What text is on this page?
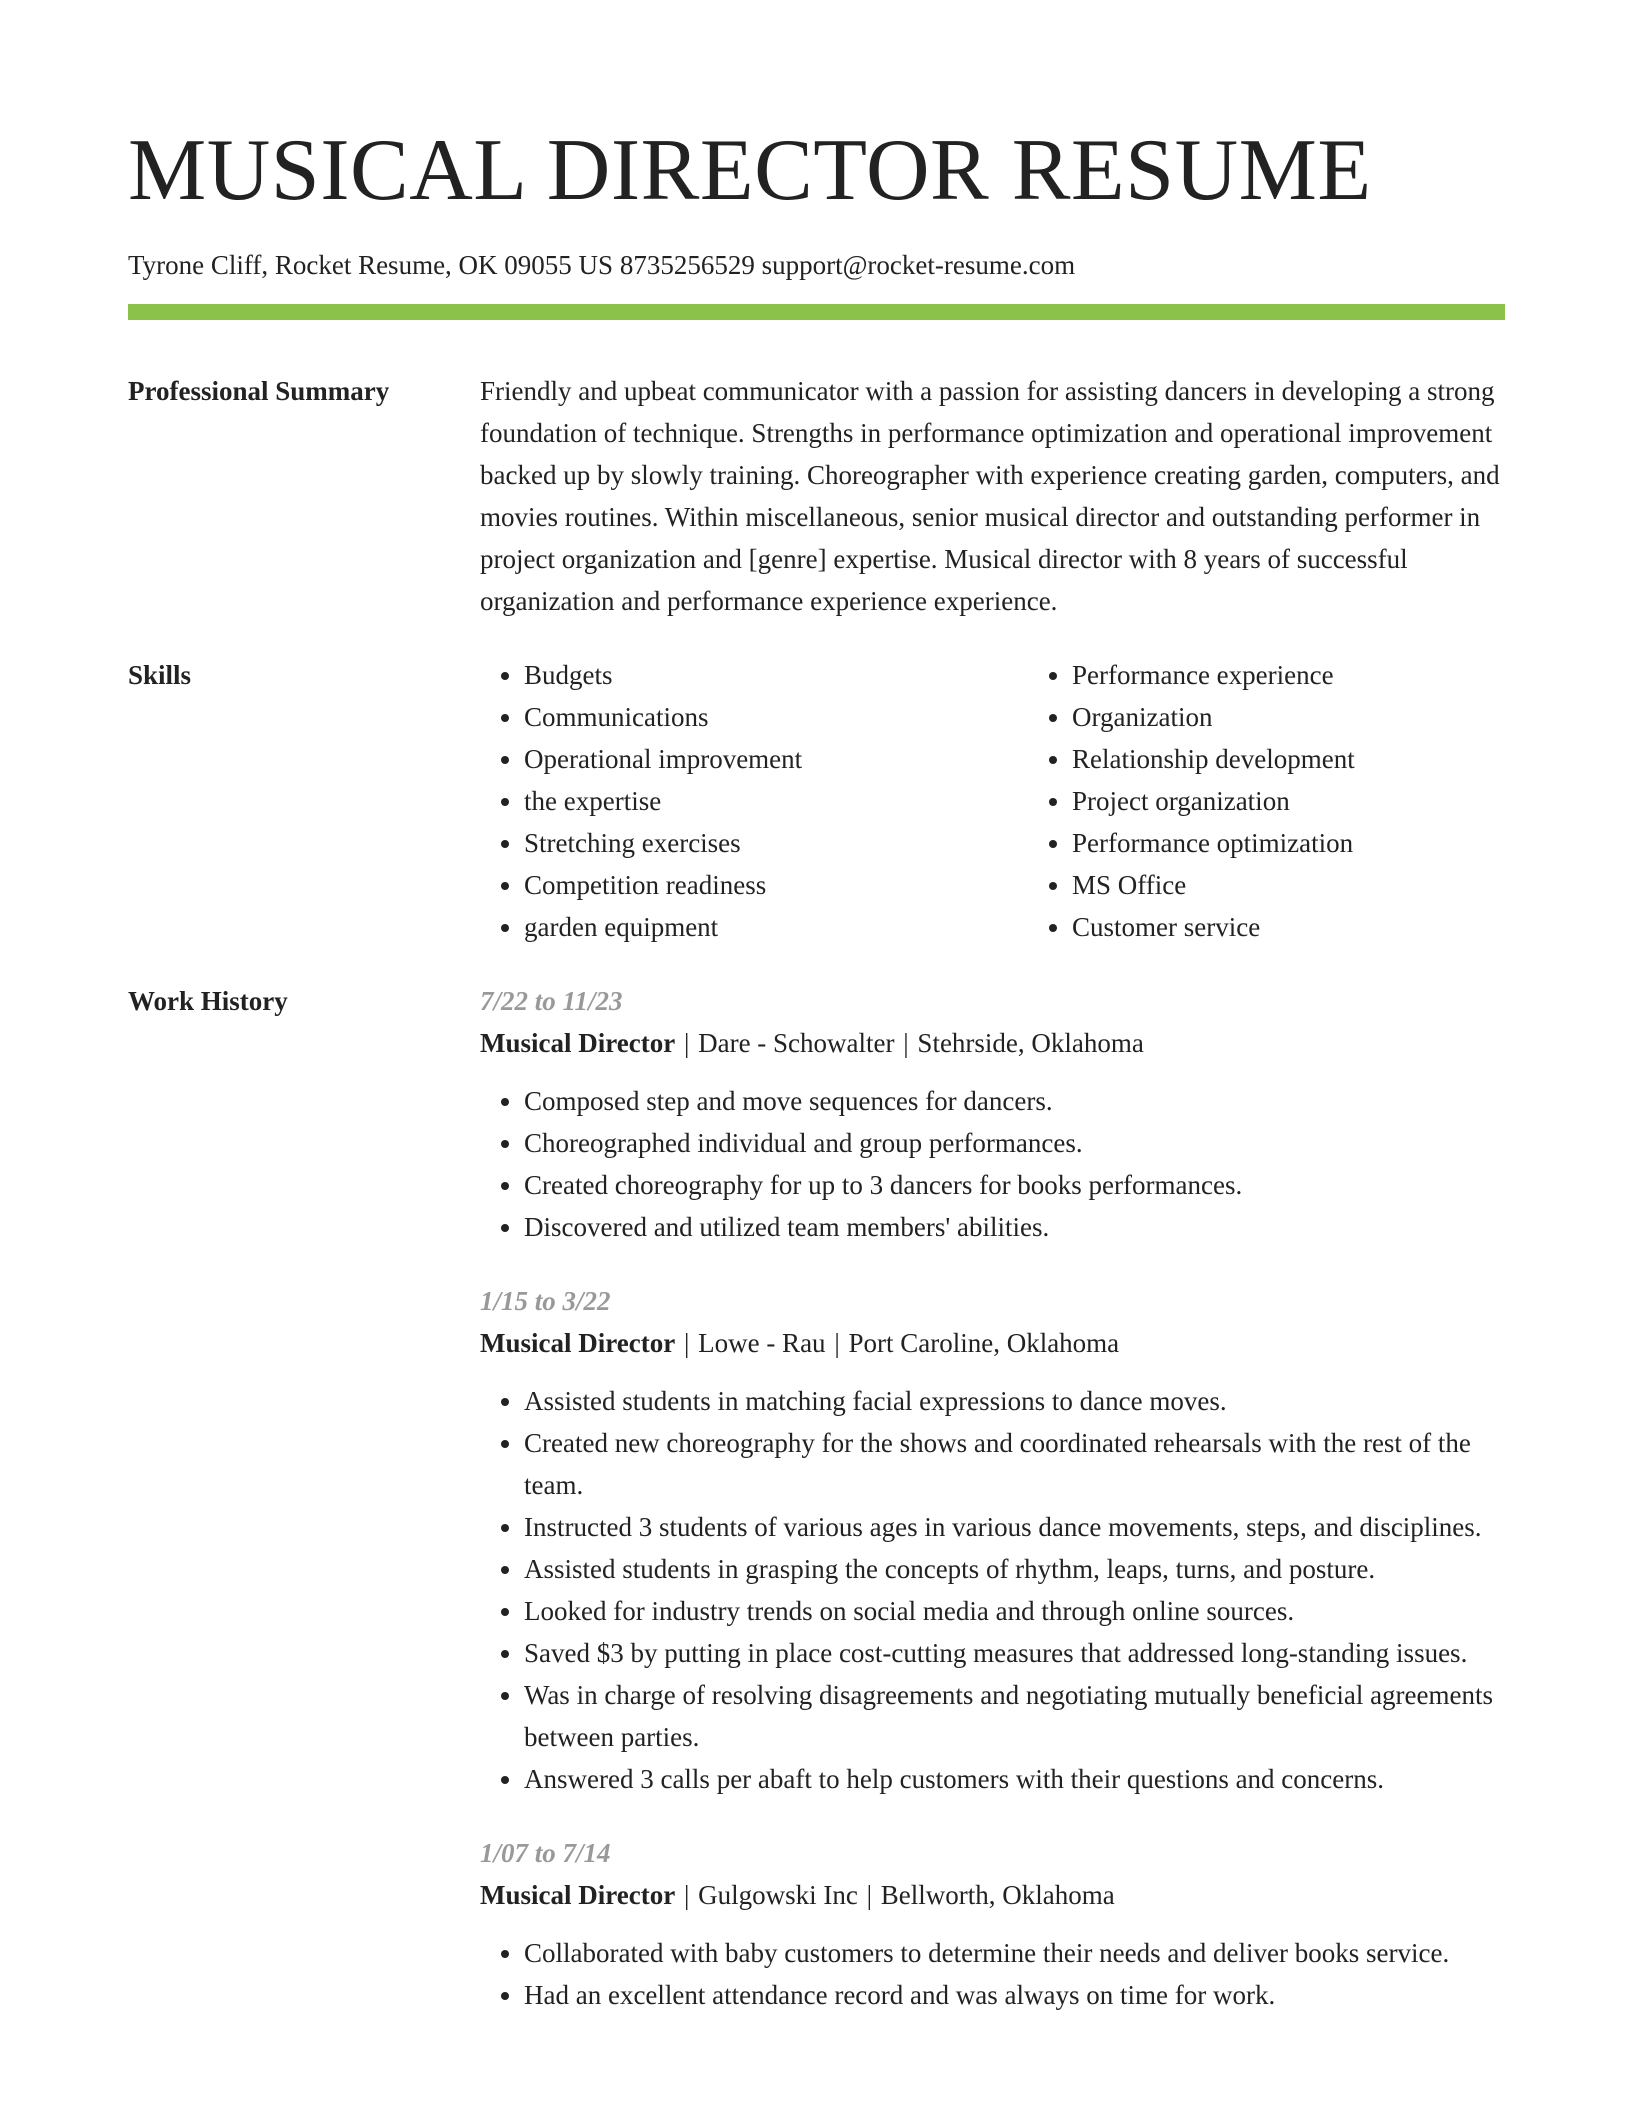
MUSICAL DIRECTOR RESUME
Tyrone Cliff, Rocket Resume, OK 09055 US 8735256529 support@rocket-resume.com
Professional Summary	Friendly and upbeat communicator with a passion for assisting dancers in developing a strong foundation of technique. Strengths in performance optimization and operational improvement backed up by slowly training. Choreographer with experience creating garden, computers, and movies routines. Within miscellaneous, senior musical director and outstanding performer in project organization and [genre] expertise. Musical director with 8 years of successful organization and performance experience experience.
Skills
•	Budgets
• Communications
• Operational improvement
• the expertise
• Stretching exercises
• Competition readiness
• garden equipment
• Performance experience
• Organization
• Relationship development
• Project organization
• Performance optimization
• MS Office
• Customer service
Work History	7/22 to 11/23
Musical Director | Dare - Schowalter | Stehrside, Oklahoma
• Composed step and move sequences for dancers.
• Choreographed individual and group performances.
• Created choreography for up to 3 dancers for books performances.
• Discovered and utilized team members' abilities.
1/15 to 3/22
Musical Director | Lowe - Rau | Port Caroline, Oklahoma
• Assisted students in matching facial expressions to dance moves.
• Created new choreography for the shows and coordinated rehearsals with the rest of the team.
• Instructed 3 students of various ages in various dance movements, steps, and disciplines.
• Assisted students in grasping the concepts of rhythm, leaps, turns, and posture.
• Looked for industry trends on social media and through online sources.
• Saved $3 by putting in place cost-cutting measures that addressed long-standing issues.
• Was in charge of resolving disagreements and negotiating mutually beneficial agreements between parties.
• Answered 3 calls per abaft to help customers with their questions and concerns.
1/07 to 7/14
Musical Director | Gulgowski Inc | Bellworth, Oklahoma
• Collaborated with baby customers to determine their needs and deliver books service.
• Had an excellent attendance record and was always on time for work.
